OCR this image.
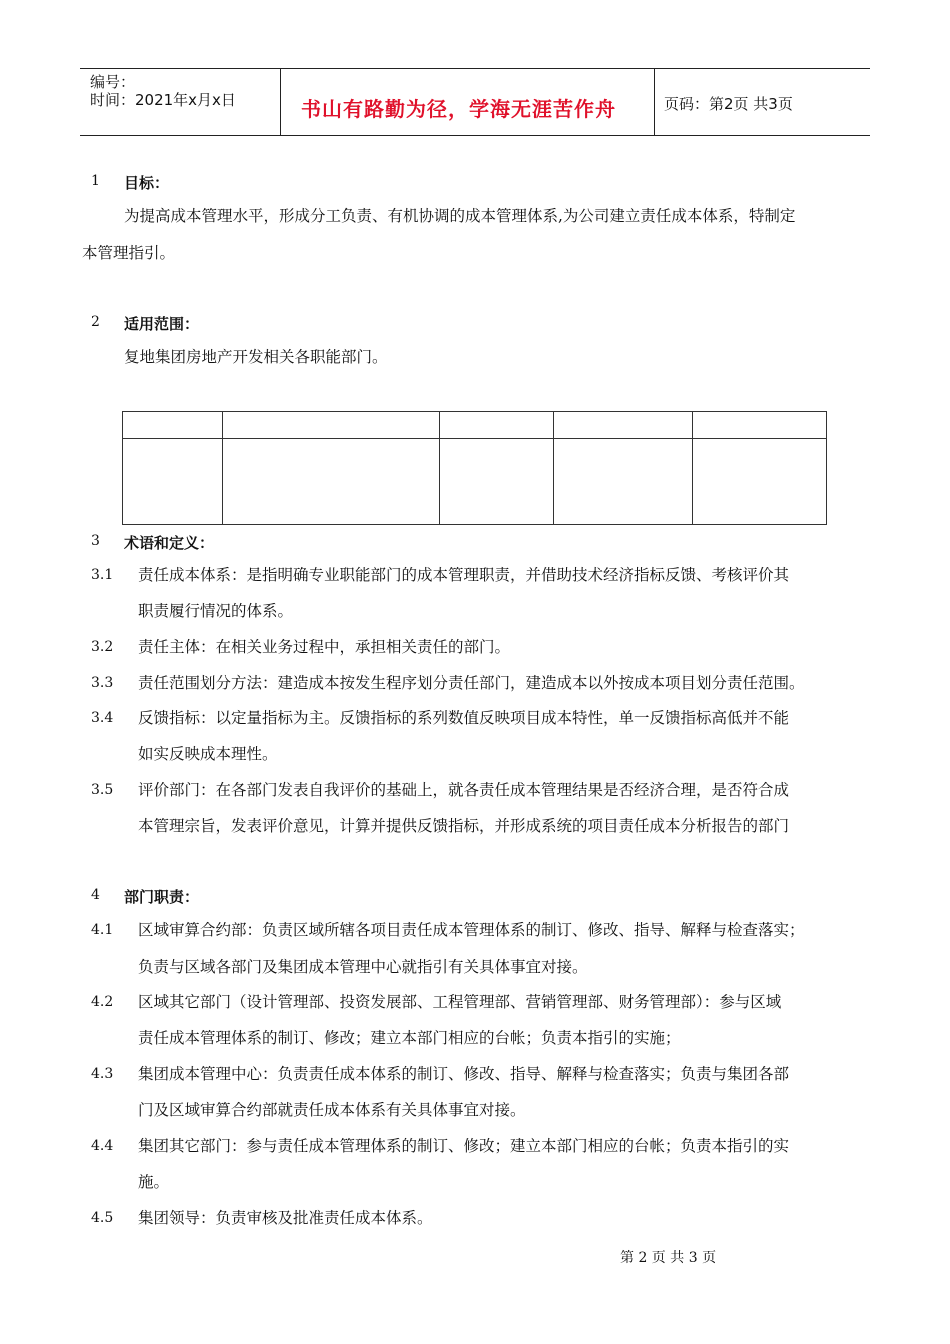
编号：
时间：2021年x月x日	书山有路勤为径，学海无涯苦作舟	页码：第2页 共3页
1 目标：
为提高成本管理水平，形成分工负责、有机协调的成本管理体系,为公司建立责任成本体系，特制定
本管理指引。
2 适用范围：
复地集团房地产开发相关各职能部门。

3 术语和定义：
3.1 责任成本体系：是指明确专业职能部门的成本管理职责，并借助技术经济指标反馈、考核评价其
职责履行情况的体系。
3.2 责任主体：在相关业务过程中，承担相关责任的部门。
3.3 责任范围划分方法：建造成本按发生程序划分责任部门，建造成本以外按成本项目划分责任范围。
3.4 反馈指标：以定量指标为主。反馈指标的系列数值反映项目成本特性，单一反馈指标高低并不能
如实反映成本理性。
3.5 评价部门：在各部门发表自我评价的基础上，就各责任成本管理结果是否经济合理，是否符合成
本管理宗旨，发表评价意见，计算并提供反馈指标，并形成系统的项目责任成本分析报告的部门
4 部门职责：
4.1 区域审算合约部：负责区域所辖各项目责任成本管理体系的制订、修改、指导、解释与检查落实；
负责与区域各部门及集团成本管理中心就指引有关具体事宜对接。
4.2 区域其它部门（设计管理部、投资发展部、工程管理部、营销管理部、财务管理部）：参与区域
责任成本管理体系的制订、修改；建立本部门相应的台帐；负责本指引的实施；
4.3 集团成本管理中心：负责责任成本体系的制订、修改、指导、解释与检查落实；负责与集团各部
门及区域审算合约部就责任成本体系有关具体事宜对接。
4.4 集团其它部门：参与责任成本管理体系的制订、修改；建立本部门相应的台帐；负责本指引的实
施。
4.5 集团领导：负责审核及批准责任成本体系。
第 2 页 共 3 页
